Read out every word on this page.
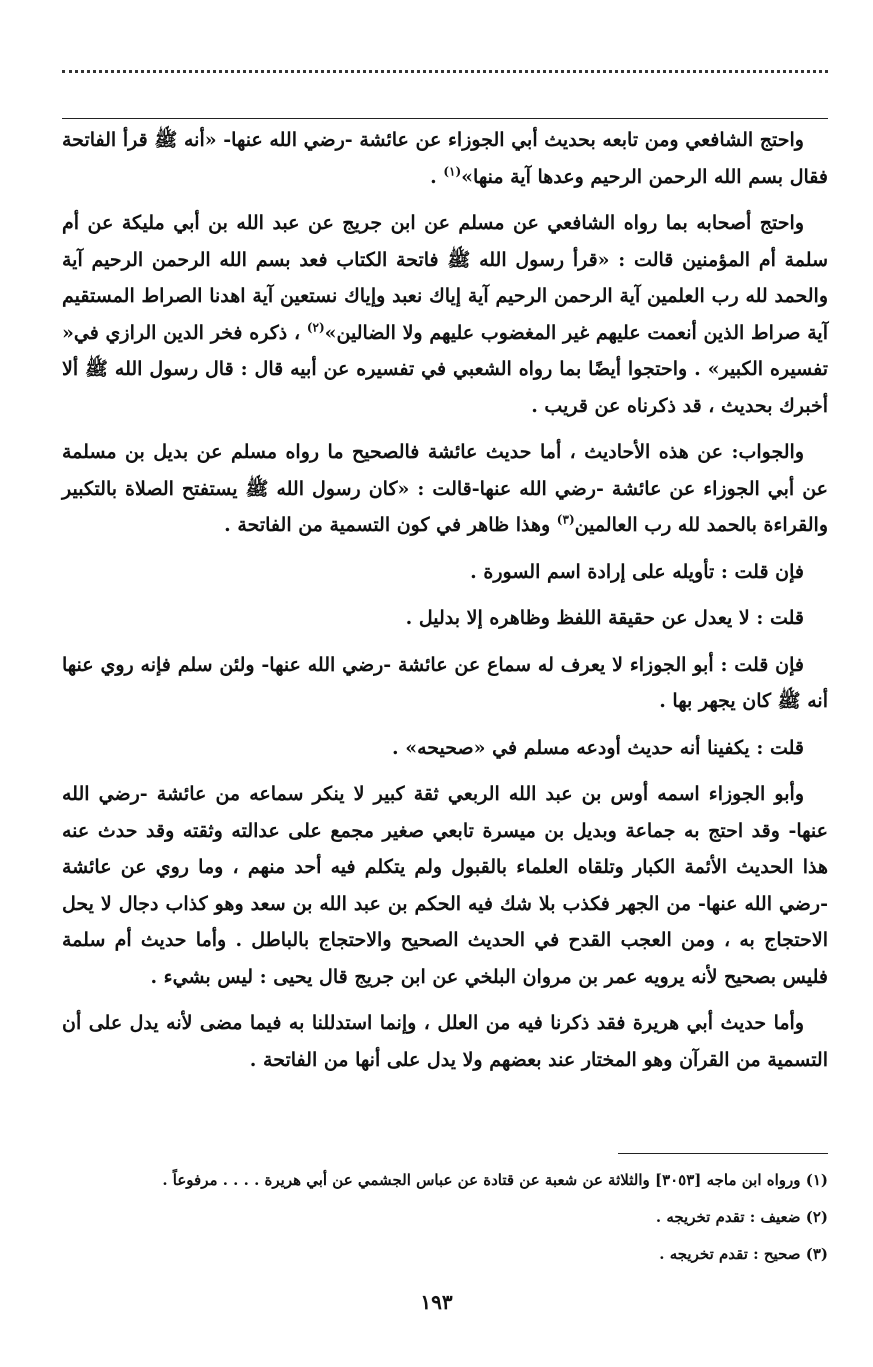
واحتج الشافعي ومن تابعه بحديث أبي الجوزاء عن عائشة -رضي الله عنها- «أنه ﷺ قرأ الفاتحة فقال بسم الله الرحمن الرحيم وعدها آية منها»$^{(١)}$ .

واحتج أصحابه بما رواه الشافعي عن مسلم عن ابن جريج عن عبد الله بن أبي مليكة عن أم سلمة أم المؤمنين قالت : «قرأ رسول الله ﷺ فاتحة الكتاب فعد بسم الله الرحمن الرحيم آية والحمد لله رب العلمين آية الرحمن الرحيم آية إياك نعبد وإياك نستعين آية اهدنا الصراط المستقيم آية صراط الذين أنعمت عليهم غير المغضوب عليهم ولا الضالين»$^{(٢)}$ ، ذكره فخر الدين الرازي في« تفسيره الكبير» . واحتجوا أيضًا بما رواه الشعبي في تفسيره عن أبيه قال : قال رسول الله ﷺ ألا أخبرك بحديث ، قد ذكرناه عن قريب .

والجواب: عن هذه الأحاديث ، أما حديث عائشة فالصحيح ما رواه مسلم عن بديل بن مسلمة عن أبي الجوزاء عن عائشة -رضي الله عنها-قالت : «كان رسول الله ﷺ يستفتح الصلاة بالتكبير والقراءة بالحمد لله رب العالمين$^{(٣)}$ وهذا ظاهر في كون التسمية من الفاتحة .

فإن قلت : تأويله على إرادة اسم السورة .

قلت : لا يعدل عن حقيقة اللفظ وظاهره إلا بدليل .

فإن قلت : أبو الجوزاء لا يعرف له سماع عن عائشة -رضي الله عنها- ولئن سلم فإنه روي عنها أنه ﷺ كان يجهر بها .

قلت : يكفينا أنه حديث أودعه مسلم في «صحيحه» .

وأبو الجوزاء اسمه أوس بن عبد الله الربعي ثقة كبير لا ينكر سماعه من عائشة -رضي الله عنها- وقد احتج به جماعة وبديل بن ميسرة تابعي صغير مجمع على عدالته وثقته وقد حدث عنه هذا الحديث الأئمة الكبار وتلقاه العلماء بالقبول ولم يتكلم فيه أحد منهم ، وما روي عن عائشة -رضي الله عنها- من الجهر فكذب بلا شك فيه الحكم بن عبد الله بن سعد وهو كذاب دجال لا يحل الاحتجاج به ، ومن العجب القدح في الحديث الصحيح والاحتجاج بالباطل . وأما حديث أم سلمة فليس بصحيح لأنه يرويه عمر بن مروان البلخي عن ابن جريج قال يحيى : ليس بشيء .

وأما حديث أبي هريرة فقد ذكرنا فيه من العلل ، وإنما استدللنا به فيما مضى لأنه يدل على أن التسمية من القرآن وهو المختار عند بعضهم ولا يدل على أنها من الفاتحة .

(١) ورواه ابن ماجه [٣٠٥٣] والثلاثة عن شعبة عن قتادة عن عباس الجشمي عن أبي هريرة . . . . مرفوعاً .
(٢) ضعيف : تقدم تخريجه .
(٣) صحيح : تقدم تخريجه .
١٩٣
